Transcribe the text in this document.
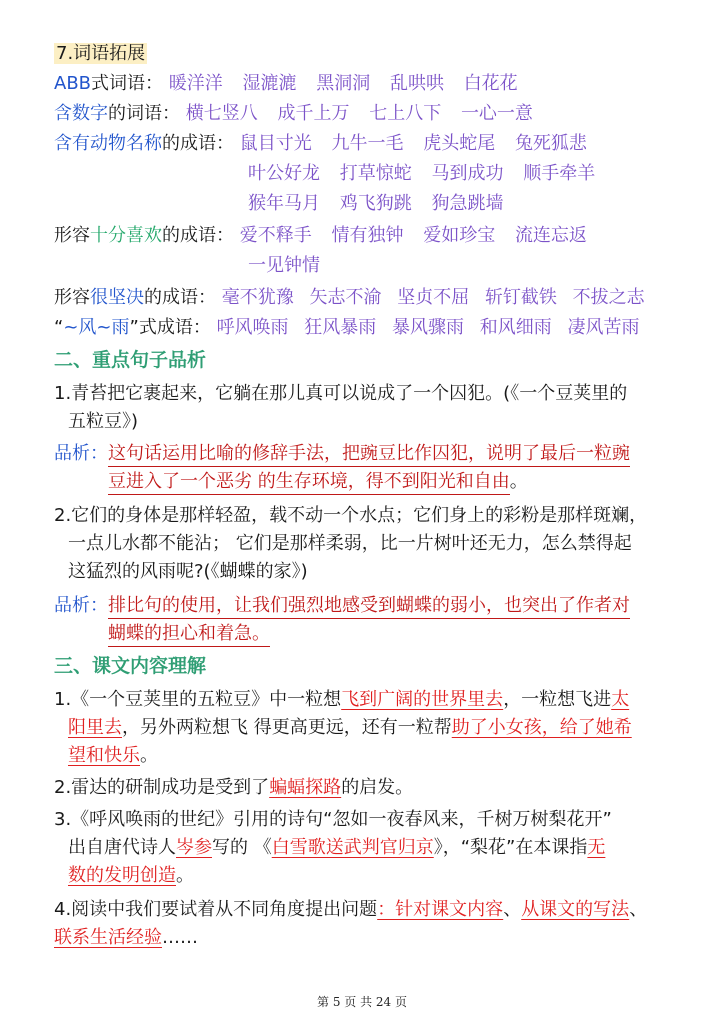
7.词语拓展
ABB式词语： 暖洋洋 湿漉漉 黑洞洞 乱哄哄 白花花
含数字的词语： 横七竖八 成千上万 七上八下 一心一意
含有动物名称的成语： 鼠目寸光 九牛一毛 虎头蛇尾 兔死狐悲
叶公好龙 打草惊蛇 马到成功 顺手牵羊
猴年马月 鸡飞狗跳 狗急跳墙
形容十分喜欢的成语： 爱不释手 情有独钟 爱如珍宝 流连忘返
一见钟情
形容很坚决的成语： 毫不犹豫 矢志不渝 坚贞不屈 斩钉截铁 不拔之志
“~风~雨”式成语： 呼风唤雨 狂风暴雨 暴风骤雨 和风细雨 凄风苦雨
二、重点句子品析
1.青苔把它裹起来，它躺在那儿真可以说成了一个囚犯。(《一个豆荚里的
五粒豆》)
品析：这句话运用比喻的修辞手法，把豌豆比作囚犯，说明了最后一粒豌
豆进入了一个恶劣 的生存环境，得不到阳光和自由。
2.它们的身体是那样轻盈，载不动一个水点；它们身上的彩粉是那样斑斓，
一点儿水都不能沾； 它们是那样柔弱，比一片树叶还无力，怎么禁得起
这猛烈的风雨呢?(《蝴蝶的家》)
品析：排比句的使用，让我们强烈地感受到蝴蝶的弱小，也突出了作者对
蝴蝶的担心和着急。
三、课文内容理解
1.《一个豆荚里的五粒豆》中一粒想飞到广阔的世界里去，一粒想飞进太
阳里去，另外两粒想飞 得更高更远，还有一粒帮助了小女孩，给了她希
望和快乐。
2.雷达的研制成功是受到了蝙蝠探路的启发。
3.《呼风唤雨的世纪》引用的诗句“忽如一夜春风来，千树万树梨花开”
出自唐代诗人岑参写的 《白雪歌送武判官归京》，“梨花”在本课指无
数的发明创造。
4.阅读中我们要试着从不同角度提出问题：针对课文内容、从课文的写法、
联系生活经验……
第 5 页 共 24 页
